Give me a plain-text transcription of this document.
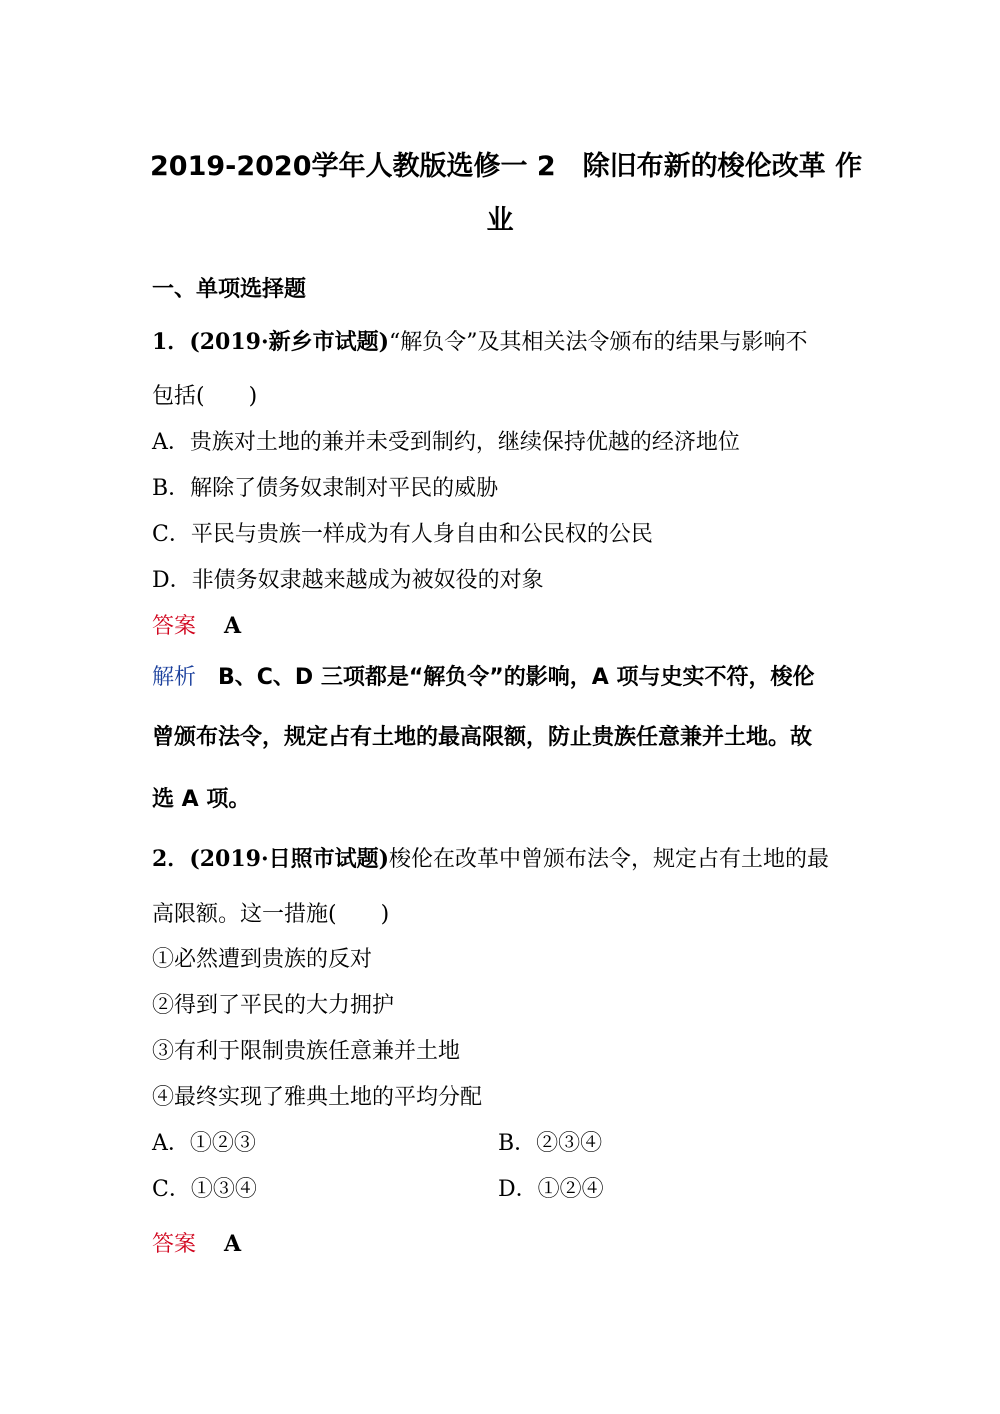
2019-2020学年人教版选修一 2　除旧布新的梭伦改革 作
业
一、单项选择题
1．(2019·新乡市试题)“解负令”及其相关法令颁布的结果与影响不
包括(　　)
A．贵族对土地的兼并未受到制约，继续保持优越的经济地位
B．解除了债务奴隶制对平民的威胁
C．平民与贵族一样成为有人身自由和公民权的公民
D．非债务奴隶越来越成为被奴役的对象
答案 A
解析 B、C、D 三项都是“解负令”的影响，A 项与史实不符，梭伦
曾颁布法令，规定占有土地的最高限额，防止贵族任意兼并土地。故
选 A 项。
2．(2019·日照市试题)梭伦在改革中曾颁布法令，规定占有土地的最
高限额。这一措施(　　)
①必然遭到贵族的反对
②得到了平民的大力拥护
③有利于限制贵族任意兼并土地
④最终实现了雅典土地的平均分配
A．①②③	B．②③④
C．①③④	D．①②④
答案 A
